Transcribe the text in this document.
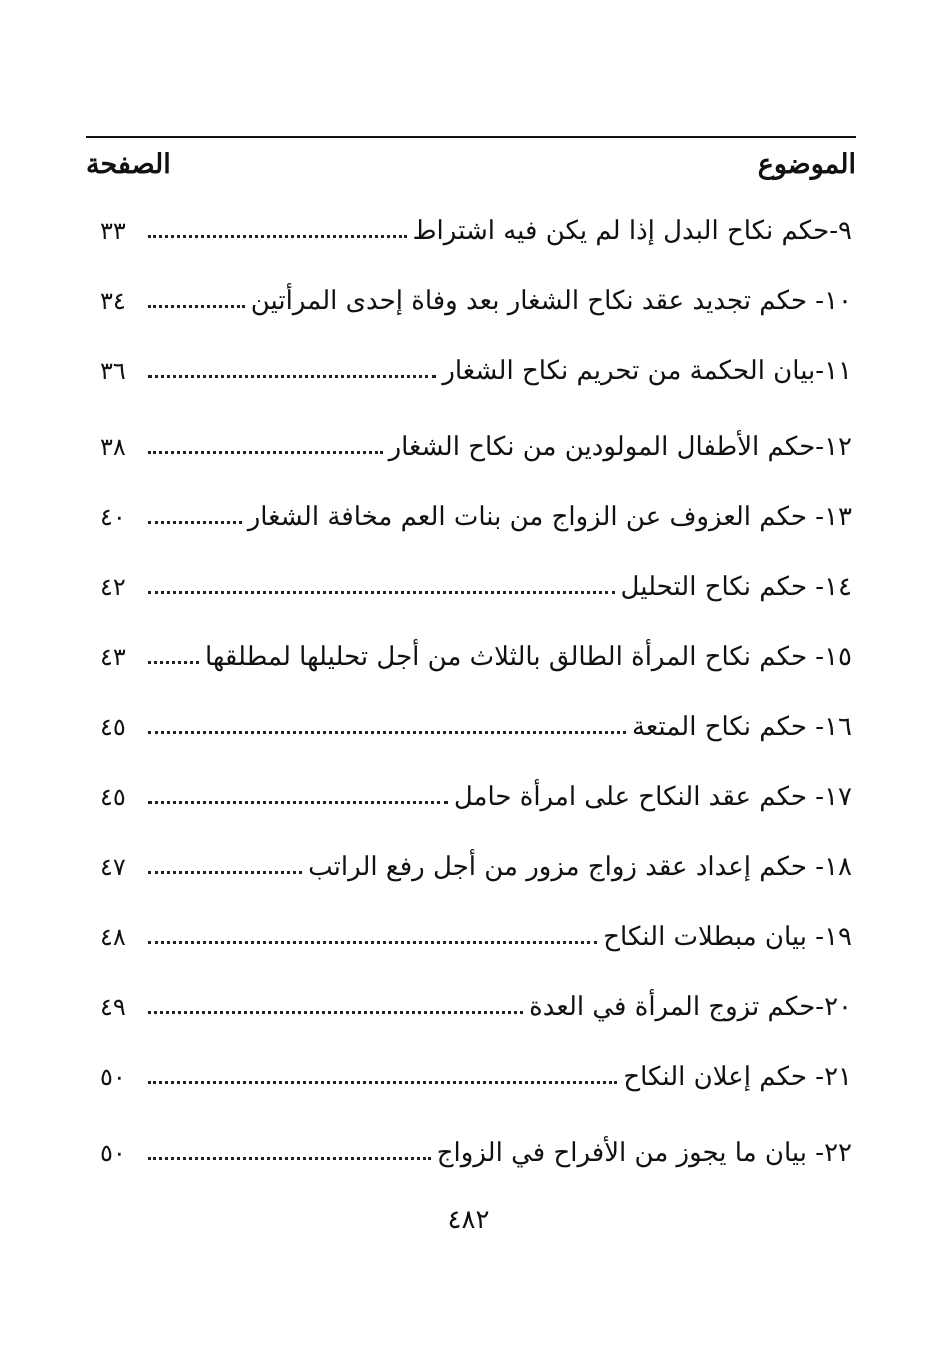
الموضوع
الصفحة
٩-حكم نكاح البدل إذا لم يكن فيه اشتراط
٣٣
١٠- حكم تجديد عقد نكاح الشغار بعد وفاة إحدى المرأتين
٣٤
١١-بيان الحكمة من تحريم نكاح الشغار
٣٦
١٢-حكم الأطفال المولودين من نكاح الشغار
٣٨
١٣- حكم العزوف عن الزواج من بنات العم مخافة الشغار
٤٠
١٤- حكم نكاح التحليل
٤٢
١٥- حكم نكاح المرأة الطالق بالثلاث من أجل تحليلها لمطلقها
٤٣
١٦- حكم نكاح المتعة
٤٥
١٧- حكم عقد النكاح على امرأة حامل
٤٥
١٨- حكم إعداد عقد زواج مزور من أجل رفع الراتب
٤٧
١٩- بيان مبطلات النكاح
٤٨
٢٠-حكم تزوج المرأة في العدة
٤٩
٢١- حكم إعلان النكاح
٥٠
٢٢- بيان ما يجوز من الأفراح في الزواج
٥٠
٤٨٢
